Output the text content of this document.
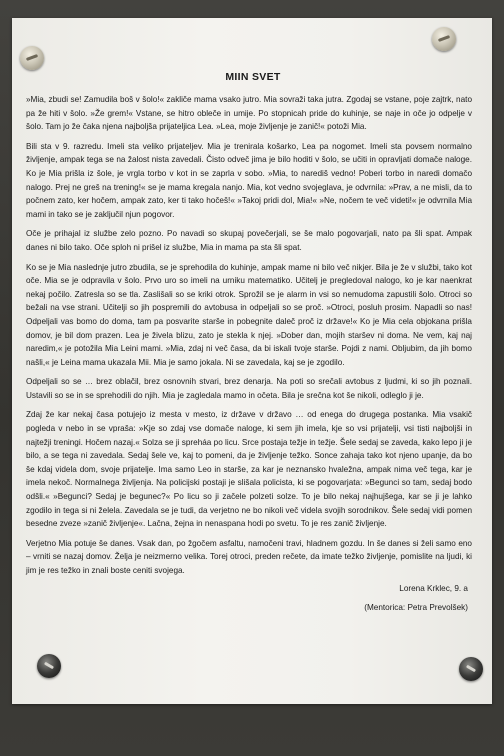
MIIN SVET

»Mia, zbudi se! Zamudila boš v šolo!« zakliče mama vsako jutro. Mia sovraži taka jutra. Zgodaj se vstane, poje zajtrk, nato pa že hiti v šolo. »Že grem!« Vstane, se hitro obleče in umije. Po stopnicah pride do kuhinje, se naje in oče jo odpelje v šolo. Tam jo že čaka njena najboljša prijateljica Lea. »Lea, moje življenje je zanič!« potoži Mia.

Bili sta v 9. razredu. Imeli sta veliko prijateljev. Mia je trenirala košarko, Lea pa nogomet. Imeli sta povsem normalno življenje, ampak tega se na žalost nista zavedali. Čisto odveč jima je bilo hoditi v šolo, se učiti in opravljati domače naloge. Ko je Mia prišla iz šole, je vrgla torbo v kot in se zaprla v sobo. »Mia, to narediš vedno! Poberi torbo in naredi domačo nalogo. Prej ne greš na trening!« se je mama kregala nanjo. Mia, kot vedno svojeglava, je odvrnila: »Prav, a ne misli, da to počnem zato, ker hočem, ampak zato, ker ti tako hočeš!« »Takoj pridi dol, Mia!« »Ne, nočem te več videti!« je odvrnila Mia mami in tako se je zaključil njun pogovor.

Oče je prihajal iz službe zelo pozno. Po navadi so skupaj povečerjali, se še malo pogovarjali, nato pa šli spat. Ampak danes ni bilo tako. Oče sploh ni prišel iz službe, Mia in mama pa sta šli spat.

Ko se je Mia naslednje jutro zbudila, se je sprehodila do kuhinje, ampak mame ni bilo več nikjer. Bila je že v službi, tako kot oče. Mia se je odpravila v šolo. Prvo uro so imeli na urniku matematiko. Učitelj je pregledoval nalogo, ko je kar naenkrat nekaj počilo. Zatresla so se tla. Zaslišali so se kriki otrok. Sprožil se je alarm in vsi so nemudoma zapustili šolo. Otroci so bežali na vse strani. Učitelji so jih pospremili do avtobusa in odpeljali so se proč. »Otroci, posluh prosim. Napadli so nas! Odpeljali vas bomo do doma, tam pa posvarite starše in pobegnite daleč proč iz države!« Ko je Mia cela objokana prišla domov, je bil dom prazen. Lea je živela blizu, zato je stekla k njej. »Dober dan, mojih staršev ni doma. Ne vem, kaj naj naredim,« je potožila Mia Leini mami. »Mia, zdaj ni več časa, da bi iskali tvoje starše. Pojdi z nami. Obljubim, da jih bomo našli,« je Leina mama ukazala Mii. Mia je samo jokala. Ni se zavedala, kaj se je zgodilo.

Odpeljali so se … brez oblačil, brez osnovnih stvari, brez denarja. Na poti so srečali avtobus z ljudmi, ki so jih poznali. Ustavili so se in se sprehodili do njih. Mia je zagledala mamo in očeta. Bila je srečna kot še nikoli, odleglo ji je.

Zdaj že kar nekaj časa potujejo iz mesta v mesto, iz države v državo … od enega do drugega postanka. Mia vsakič pogleda v nebo in se vpraša: »Kje so zdaj vse domače naloge, ki sem jih imela, kje so vsi prijatelji, vsi tisti najboljši in najtežji treningi. Hočem nazaj.« Solza se ji spreháa po licu. Srce postaja težje in težje. Šele sedaj se zaveda, kako lepo ji je bilo, a se tega ni zavedala. Sedaj šele ve, kaj to pomeni, da je življenje težko. Sonce zahaja tako kot njeno upanje, da bo še kdaj videla dom, svoje prijatelje. Ima samo Leo in starše, za kar je neznansko hvaležna, ampak nima več tega, kar je imela nekoč. Normalnega življenja. Na policijski postaji je slišala policista, ki se pogovarjata: »Begunci so tam, sedaj bodo odšli.« »Begunci? Sedaj je begunec?« Po licu so ji začele polzeti solze. To je bilo nekaj najhujšega, kar se ji je lahko zgodilo in tega si ni želela. Zavedala se je tudi, da verjetno ne bo nikoli več videla svojih sorodnikov. Šele sedaj vidi pomen besedne zveze »zanič življenje«. Lačna, žejna in nenaspana hodi po svetu. To je res zanič življenje.

Verjetno Mia potuje še danes. Vsak dan, po žgočem asfaltu, namočeni travi, hladnem gozdu. In še danes si želi samo eno – vrniti se nazaj domov. Želja je neizmerno velika. Torej otroci, preden rečete, da imate težko življenje, pomislite na ljudi, ki jim je res težko in znali boste ceniti svojega.

Lorena Krklec, 9. a
(Mentorica: Petra Prevolšek)
